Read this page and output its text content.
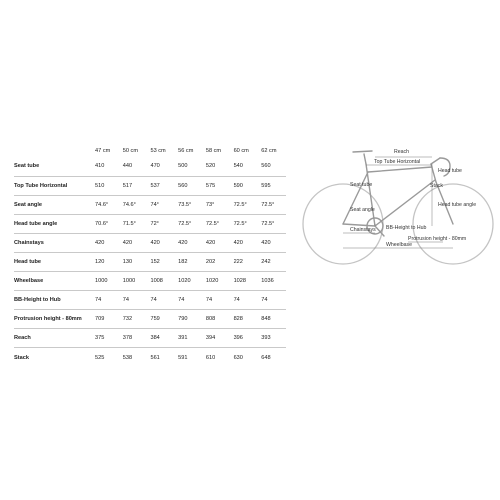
	47 cm	50 cm	53 cm	56 cm	58 cm	60 cm	62 cm
Seat tube	410	440	470	500	520	540	560
Top Tube Horizontal	510	517	537	560	575	590	595
Seat angle	74.6°	74.6°	74°	73.5°	73°	72.5°	72.5°
Head tube angle	70.6°	71.5°	72°	72.5°	72.5°	72.5°	72.5°
Chainstays	420	420	420	420	420	420	420
Head tube	120	130	152	182	202	222	242
Wheelbase	1000	1000	1008	1020	1020	1028	1036
BB-Height to Hub	74	74	74	74	74	74	74
Protrusion height - 80mm	709	732	759	790	808	828	848
Reach	375	378	384	391	394	396	393
Stack	525	538	561	591	610	630	648
Reach
Top Tube Horizontal
Head tube
Seat tube	Stack
Head tube angle
Seat angle
Chainstays BB-Height to Hub
Protrusion height - 80mm
Wheelbase
